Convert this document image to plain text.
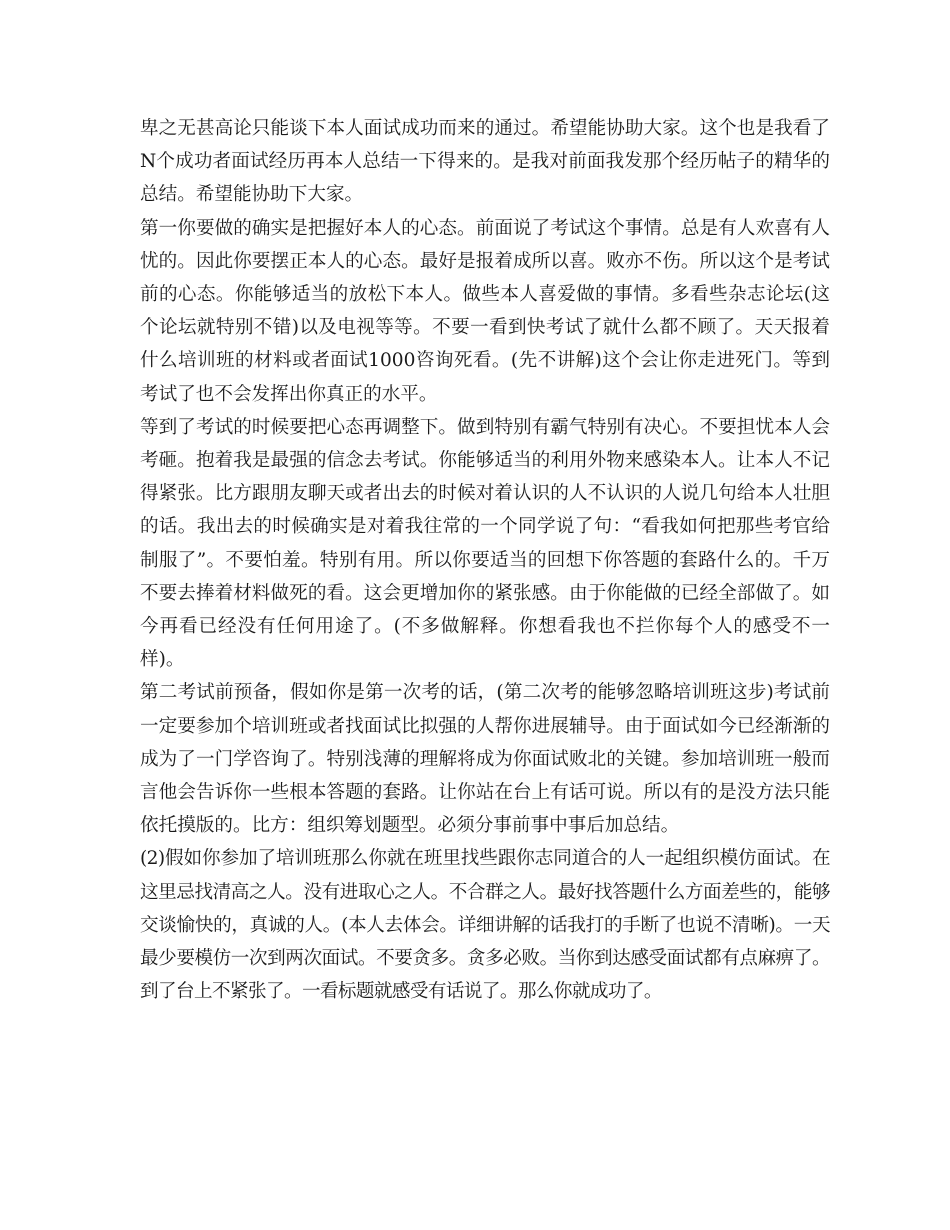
卑之无甚高论只能谈下本人面试成功而来的通过。希望能协助大家。这个也是我看了N个成功者面试经历再本人总结一下得来的。是我对前面我发那个经历帖子的精华的总结。希望能协助下大家。

第一你要做的确实是把握好本人的心态。前面说了考试这个事情。总是有人欢喜有人忧的。因此你要摆正本人的心态。最好是报着成所以喜。败亦不伤。所以这个是考试前的心态。你能够适当的放松下本人。做些本人喜爱做的事情。多看些杂志论坛(这个论坛就特别不错)以及电视等等。不要一看到快考试了就什么都不顾了。天天报着什么培训班的材料或者面试1000咨询死看。(先不讲解)这个会让你走进死门。等到考试了也不会发挥出你真正的水平。

等到了考试的时候要把心态再调整下。做到特别有霸气特别有决心。不要担忧本人会考砸。抱着我是最强的信念去考试。你能够适当的利用外物来感染本人。让本人不记得紧张。比方跟朋友聊天或者出去的时候对着认识的人不认识的人说几句给本人壮胆的话。我出去的时候确实是对着我往常的一个同学说了句：“看我如何把那些考官给制服了”。不要怕羞。特别有用。所以你要适当的回想下你答题的套路什么的。千万不要去捧着材料做死的看。这会更增加你的紧张感。由于你能做的已经全部做了。如今再看已经没有任何用途了。(不多做解释。你想看我也不拦你每个人的感受不一样)。

第二考试前预备，假如你是第一次考的话，(第二次考的能够忽略培训班这步)考试前一定要参加个培训班或者找面试比拟强的人帮你进展辅导。由于面试如今已经渐渐的成为了一门学咨询了。特别浅薄的理解将成为你面试败北的关键。参加培训班一般而言他会告诉你一些根本答题的套路。让你站在台上有话可说。所以有的是没方法只能依托摸版的。比方：组织筹划题型。必须分事前事中事后加总结。

(2)假如你参加了培训班那么你就在班里找些跟你志同道合的人一起组织模仿面试。在这里忌找清高之人。没有进取心之人。不合群之人。最好找答题什么方面差些的，能够交谈愉快的，真诚的人。(本人去体会。详细讲解的话我打的手断了也说不清晰)。一天最少要模仿一次到两次面试。不要贪多。贪多必败。当你到达感受面试都有点麻痹了。到了台上不紧张了。一看标题就感受有话说了。那么你就成功了。
